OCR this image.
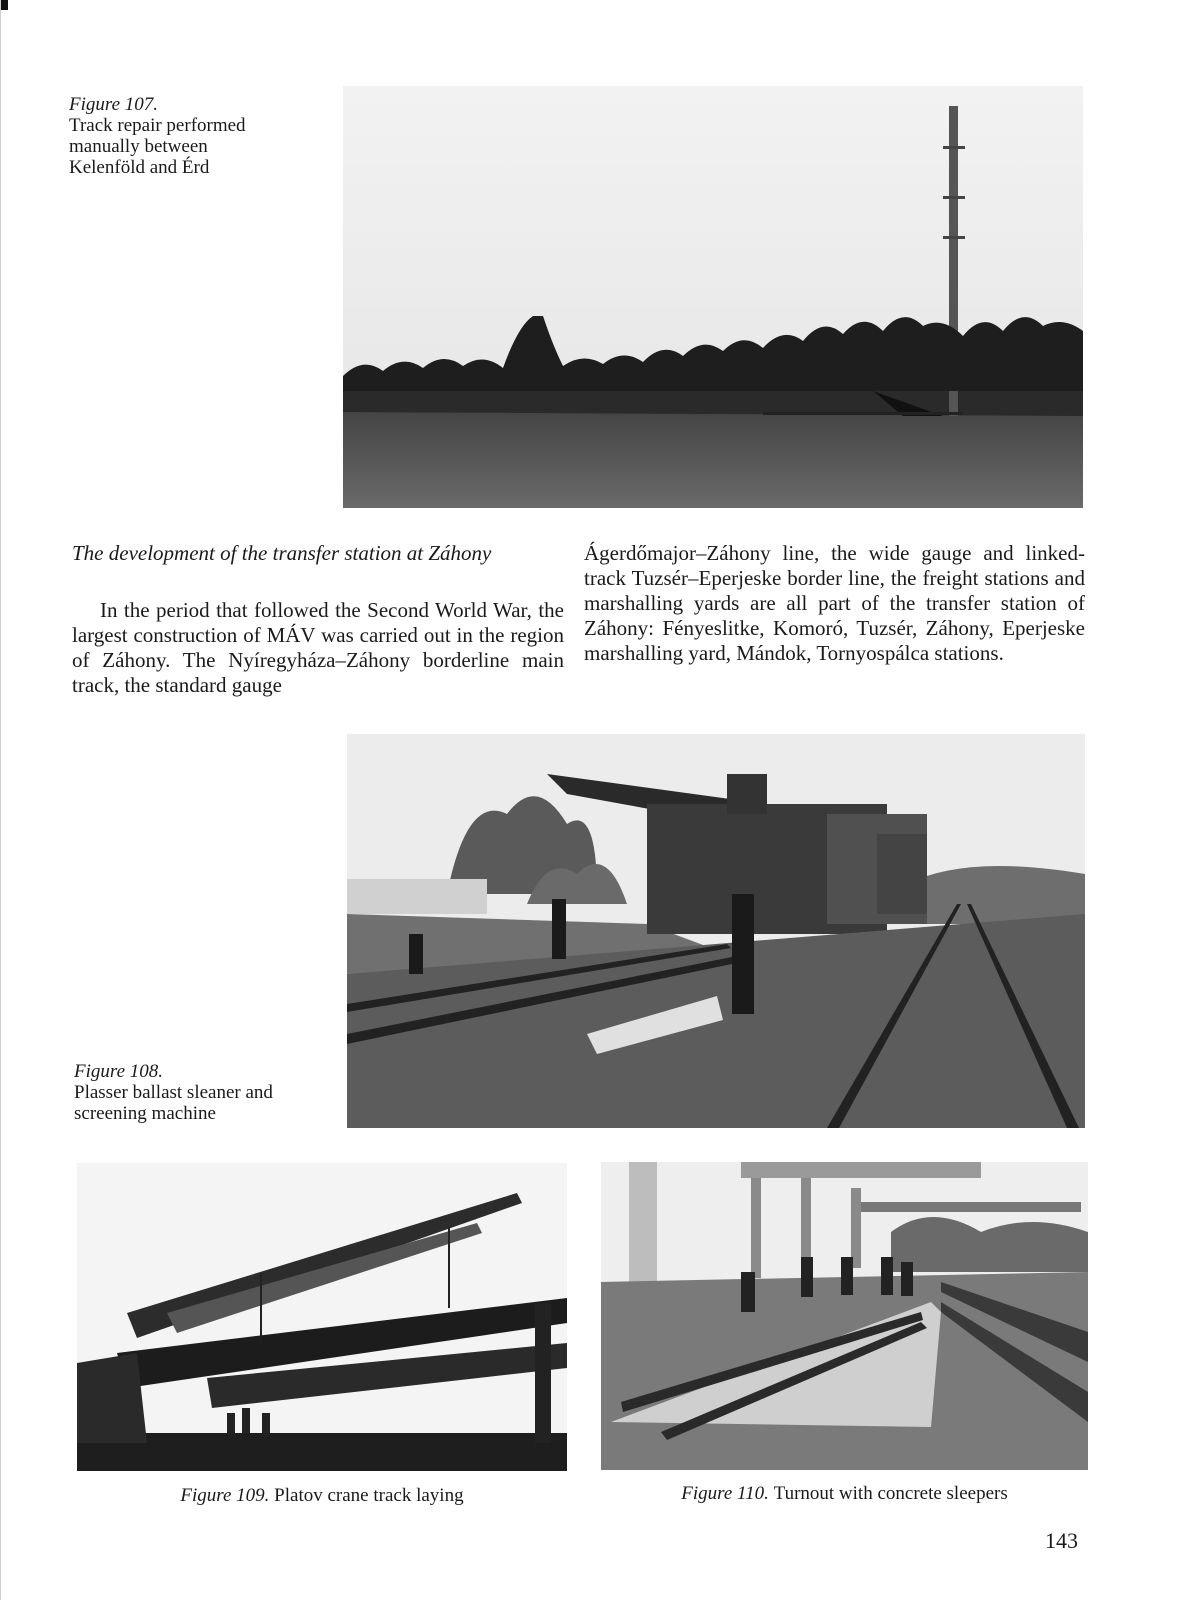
Figure 107.
Track repair performed
manually between
Kelenföld and Érd
The development of the transfer station at Záhony

In the period that followed the Second World War, the largest construction of MÁV was carried out in the region of Záhony. The Nyíregyháza–Záhony borderline main track, the standard gauge

Ágerdőmajor–Záhony line, the wide gauge and linked-track Tuzsér–Eperjeske border line, the freight stations and marshalling yards are all part of the transfer station of Záhony: Fényeslitke, Komoró, Tuzsér, Záhony, Eperjeske marshalling yard, Mándok, Tornyospálca stations.

Figure 108.
Plasser ballast sleaner and
screening machine
Figure 109. Platov crane track laying	Figure 110. Turnout with concrete sleepers
143
